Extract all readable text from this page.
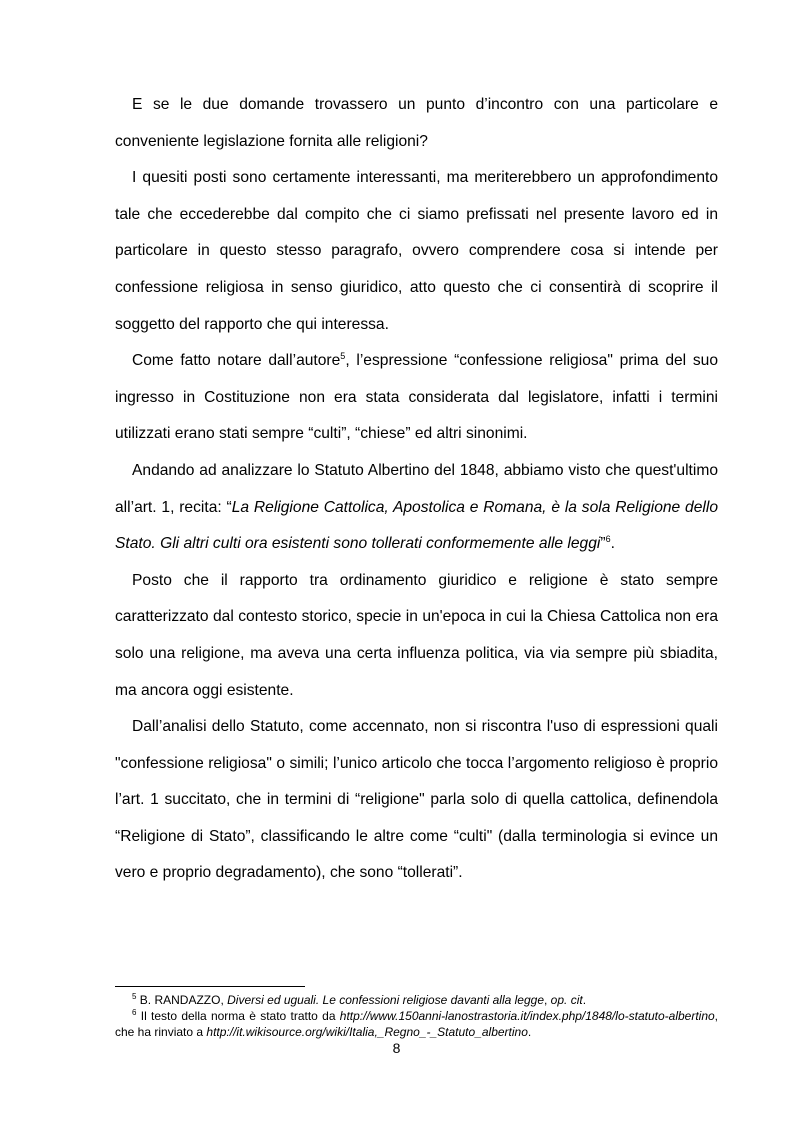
E se le due domande trovassero un punto d’incontro con una particolare e conveniente legislazione fornita alle religioni?

I quesiti posti sono certamente interessanti, ma meriterebbero un approfondimento tale che eccederebbe dal compito che ci siamo prefissati nel presente lavoro ed in particolare in questo stesso paragrafo, ovvero comprendere cosa si intende per confessione religiosa in senso giuridico, atto questo che ci consentirà di scoprire il soggetto del rapporto che qui interessa.

Come fatto notare dall’autore$^5$, l’espressione “confessione religiosa" prima del suo ingresso in Costituzione non era stata considerata dal legislatore, infatti i termini utilizzati erano stati sempre “culti”, “chiese” ed altri sinonimi.

Andando ad analizzare lo Statuto Albertino del 1848, abbiamo visto che quest'ultimo all’art. 1, recita: “La Religione Cattolica, Apostolica e Romana, è la sola Religione dello Stato. Gli altri culti ora esistenti sono tollerati conformemente alle leggi”$^6$.

Posto che il rapporto tra ordinamento giuridico e religione è stato sempre caratterizzato dal contesto storico, specie in un'epoca in cui la Chiesa Cattolica non era solo una religione, ma aveva una certa influenza politica, via via sempre più sbiadita, ma ancora oggi esistente.

Dall’analisi dello Statuto, come accennato, non si riscontra l'uso di espressioni quali "confessione religiosa" o simili; l’unico articolo che tocca l’argomento religioso è proprio l’art. 1 succitato, che in termini di “religione" parla solo di quella cattolica, definendola “Religione di Stato”, classificando le altre come “culti" (dalla terminologia si evince un vero e proprio degradamento), che sono “tollerati”.

$^5$ B. RANDAZZO, Diversi ed uguali. Le confessioni religiose davanti alla legge, op. cit.

$^6$ Il testo della norma è stato tratto da http://www.150anni-lanostrastoria.it/index.php/1848/lo-statuto-albertino, che ha rinviato a http://it.wikisource.org/wiki/Italia,_Regno_-_Statuto_albertino.

8
